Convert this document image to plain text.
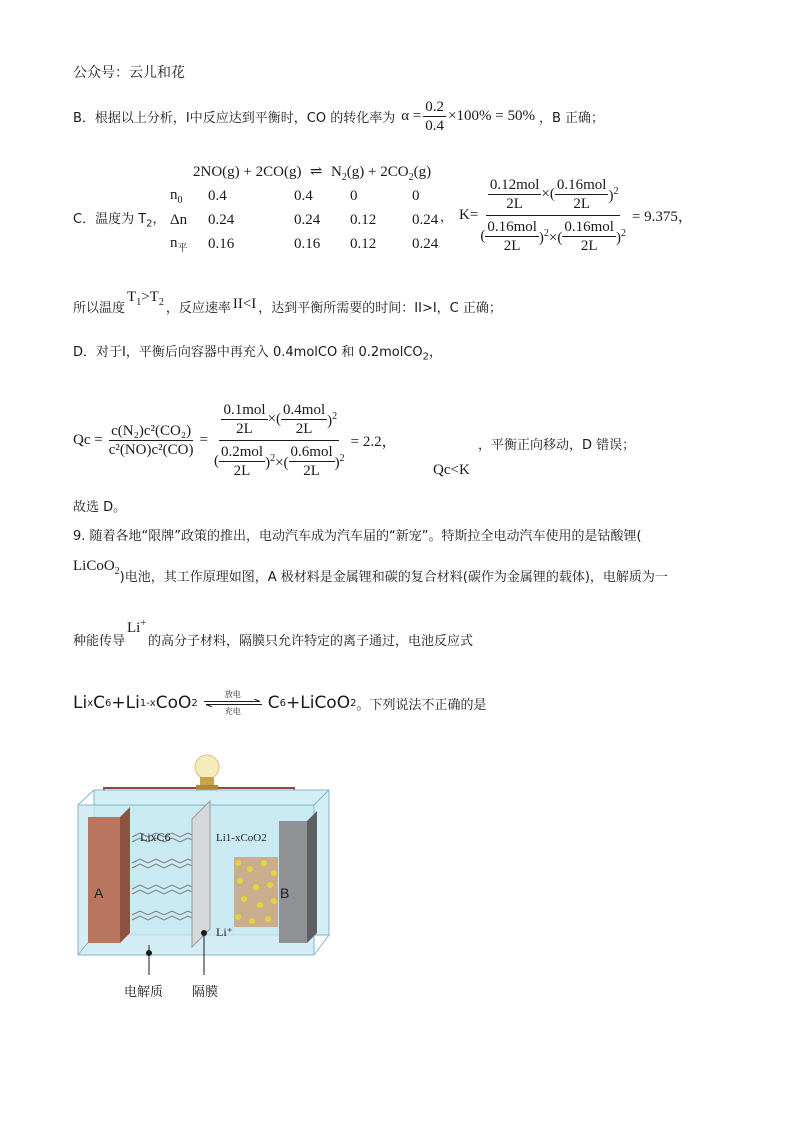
公众号：云儿和花
B．根据以上分析，I中反应达到平衡时，CO 的转化率为 $\alpha = \frac{0.2}{0.4} \times 100\% = 50\%$ ，B 正确；
2NO(g) + 2CO(g) ⇌ $N_2(g) + 2CO_2(g)$
C．温度为 $T_2$，
$n_0$	0.4	0.4	0	0
Δn	0.24	0.24	0.12	0.24
$n_平$	0.16	0.16	0.12	0.24
， $K= \frac{\frac{\text{0.12mol}}{2L} \times( \frac{\text{0.16mol}}{2L} )^2}{( \frac{\text{0.16mol}}{2L} )^2\times( \frac{\text{0.16mol}}{2L} )^2} = 9.375$，
所以温度
$T_1>T_2$ ，反应速率 II<I ，达到平衡所需要的时间：II>I，C 正确；
D．对于I，平衡后向容器中再充入 0.4molCO 和 0.2molCO$_2$，
$Qc = \frac{\text{c(N₂)c²(CO₂)}}{\text{c²(NO)c²(CO)}} = \frac{\frac{\text{0.1mol}}{2L} \times( \frac{\text{0.4mol}}{2L} )^2}{( \frac{\text{0.2mol}}{2L} )^2\times( \frac{\text{0.6mol}}{2L} )^2} = 2.2$，	，平衡正向移动，D 错误；
Qc<K
故选 D。
9. 随着各地“限牌”政策的推出，电动汽车成为汽车届的“新宠”。特斯拉全电动汽车使用的是钴酸锂(
LiCoO$_2$ )电池，其工作原理如图，A 极材料是金属锂和碳的复合材料(碳作为金属锂的载体)，电解质为一
种能传导
Li+
的高分子材料，隔膜只允许特定的离子通过，电池反应式
Li x C 6 +Li 1-x CoO 2
放电
充电 C 6 +LiCoO 2 。下列说法不正确的是
A	B
LixC6	Li1-xCoO2
Li⁺
电解质 隔膜
